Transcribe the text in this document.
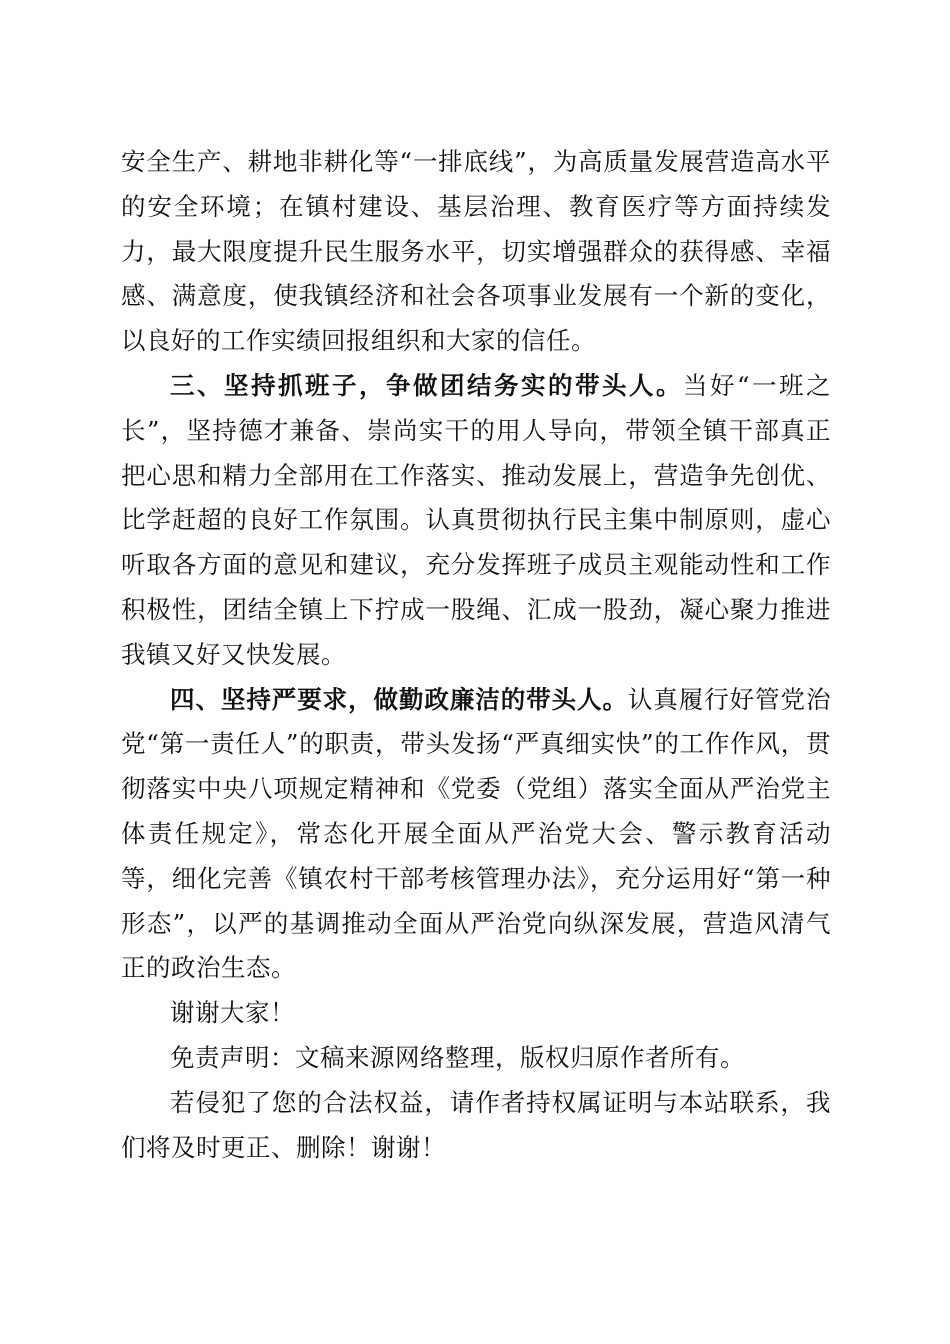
安全生产、耕地非耕化等“一排底线”，为高质量发展营造高水平的安全环境；在镇村建设、基层治理、教育医疗等方面持续发力，最大限度提升民生服务水平，切实增强群众的获得感、幸福感、满意度，使我镇经济和社会各项事业发展有一个新的变化，以良好的工作实绩回报组织和大家的信任。

三、坚持抓班子，争做团结务实的带头人。当好“一班之长”，坚持德才兼备、崇尚实干的用人导向，带领全镇干部真正把心思和精力全部用在工作落实、推动发展上，营造争先创优、比学赶超的良好工作氛围。认真贯彻执行民主集中制原则，虚心听取各方面的意见和建议，充分发挥班子成员主观能动性和工作积极性，团结全镇上下拧成一股绳、汇成一股劲，凝心聚力推进我镇又好又快发展。

四、坚持严要求，做勤政廉洁的带头人。认真履行好管党治党“第一责任人”的职责，带头发扬“严真细实快”的工作作风，贯彻落实中央八项规定精神和《党委（党组）落实全面从严治党主体责任规定》，常态化开展全面从严治党大会、警示教育活动等，细化完善《镇农村干部考核管理办法》，充分运用好“第一种形态”，以严的基调推动全面从严治党向纵深发展，营造风清气正的政治生态。

谢谢大家！

免责声明：文稿来源网络整理，版权归原作者所有。

若侵犯了您的合法权益，请作者持权属证明与本站联系，我们将及时更正、删除！谢谢！
